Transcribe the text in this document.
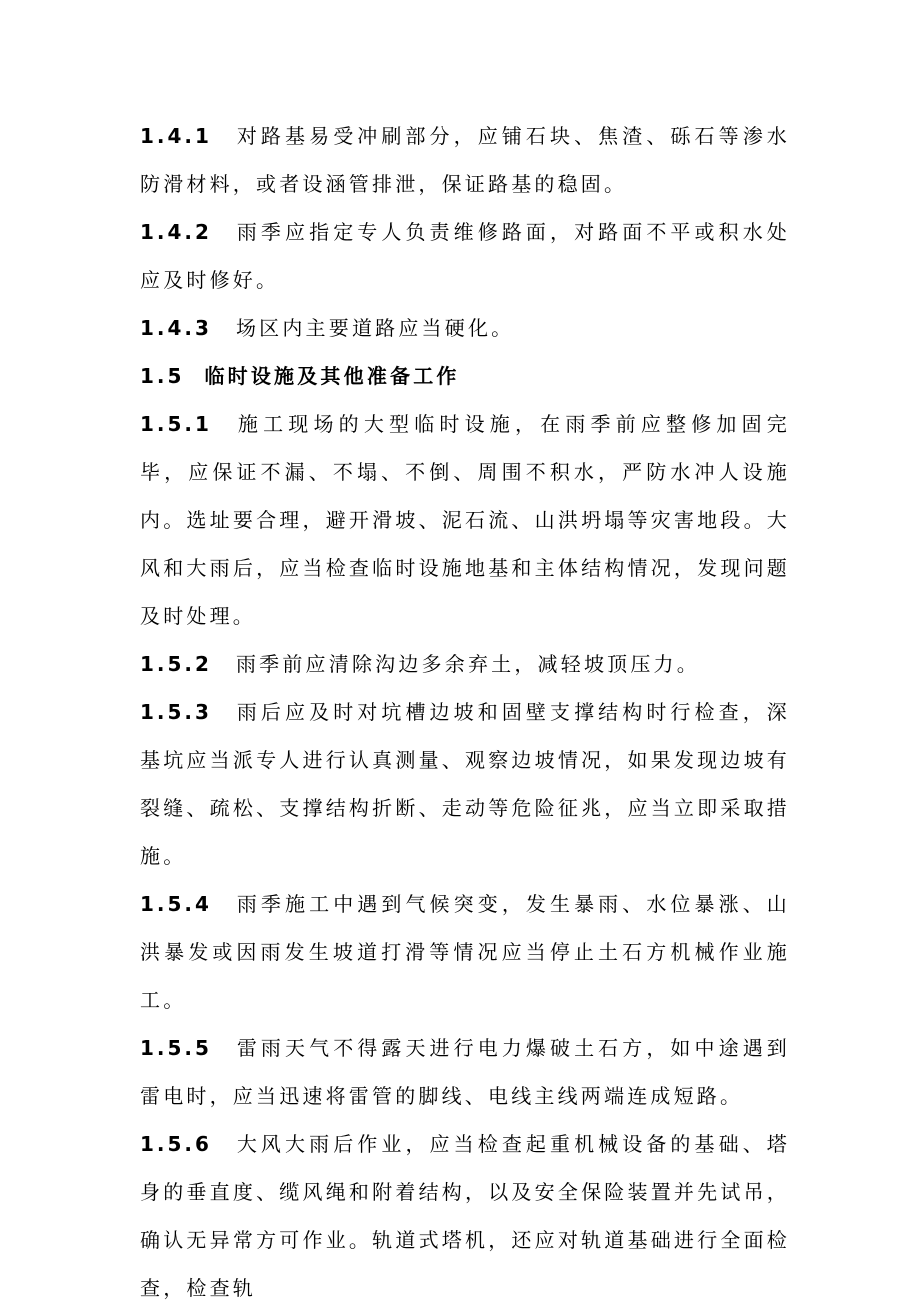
1.4.1 对路基易受冲刷部分，应铺石块、焦渣、砾石等渗水防滑材料，或者设涵管排泄，保证路基的稳固。

1.4.2 雨季应指定专人负责维修路面，对路面不平或积水处应及时修好。

1.4.3 场区内主要道路应当硬化。

1.5 临时设施及其他准备工作

1.5.1 施工现场的大型临时设施，在雨季前应整修加固完毕，应保证不漏、不塌、不倒、周围不积水，严防水冲人设施内。选址要合理，避开滑坡、泥石流、山洪坍塌等灾害地段。大风和大雨后，应当检查临时设施地基和主体结构情况，发现问题及时处理。

1.5.2 雨季前应清除沟边多余弃土，减轻坡顶压力。

1.5.3 雨后应及时对坑槽边坡和固壁支撑结构时行检查，深基坑应当派专人进行认真测量、观察边坡情况，如果发现边坡有裂缝、疏松、支撑结构折断、走动等危险征兆，应当立即采取措施。

1.5.4 雨季施工中遇到气候突变，发生暴雨、水位暴涨、山洪暴发或因雨发生坡道打滑等情况应当停止土石方机械作业施工。

1.5.5 雷雨天气不得露天进行电力爆破土石方，如中途遇到雷电时，应当迅速将雷管的脚线、电线主线两端连成短路。

1.5.6 大风大雨后作业，应当检查起重机械设备的基础、塔身的垂直度、缆风绳和附着结构，以及安全保险装置并先试吊，确认无异常方可作业。轨道式塔机，还应对轨道基础进行全面检查，检查轨
